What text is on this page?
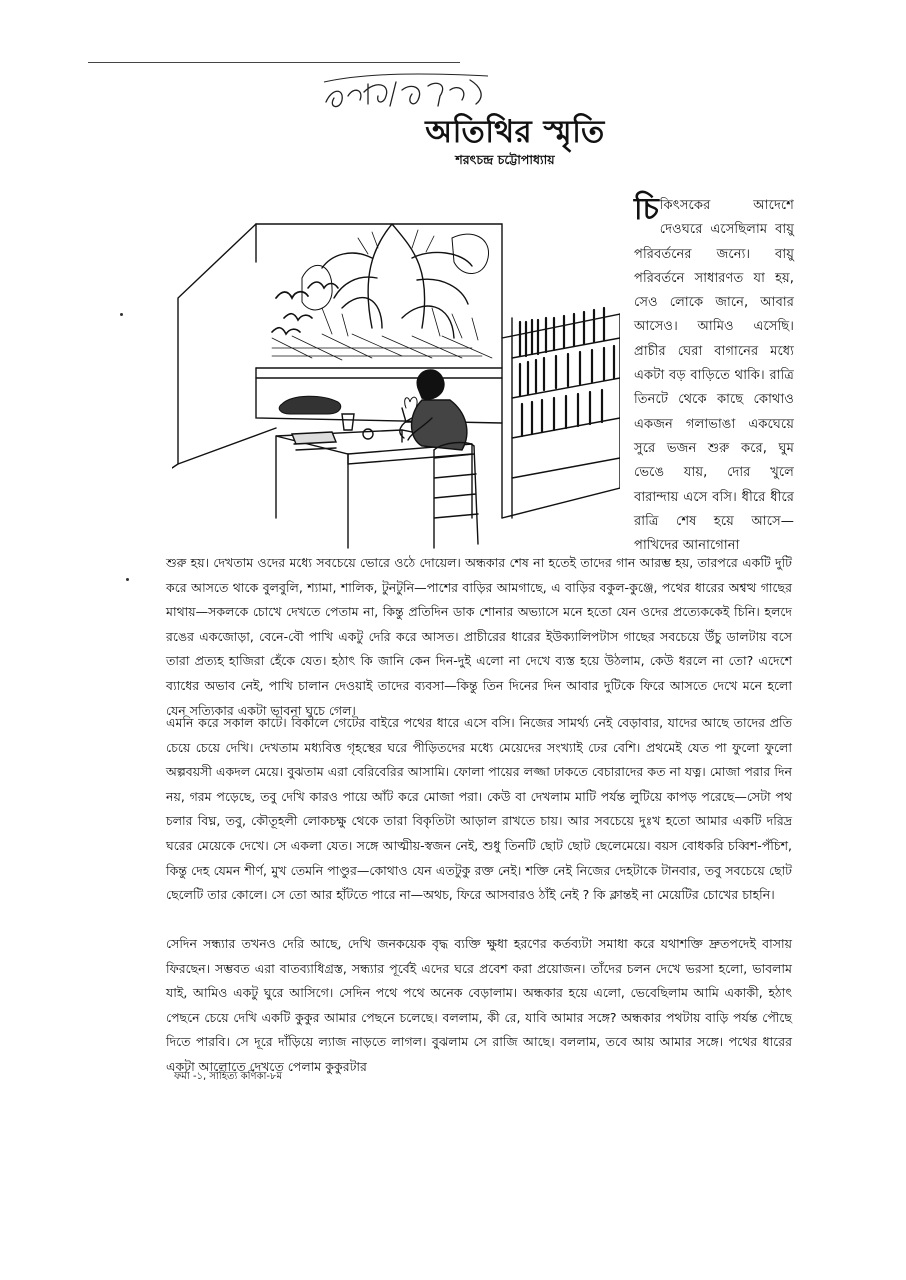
অতিথির স্মৃতি
শরৎচন্দ্র চট্টোপাধ্যায়

চিকিৎসকের আদেশে দেওঘরে এসেছিলাম বায়ু পরিবর্তনের জন্যে। বায়ু পরিবর্তনে সাধারণত যা হয়, সেও লোকে জানে, আবার আসেও। আমিও এসেছি। প্রাচীর ঘেরা বাগানের মধ্যে একটা বড় বাড়িতে থাকি। রাত্রি তিনটে থেকে কাছে কোথাও একজন গলাভাঙা একঘেয়ে সুরে ভজন শুরু করে, ঘুম ভেঙে যায়, দোর খুলে বারান্দায় এসে বসি। ধীরে ধীরে রাত্রি শেষ হয়ে আসে—পাখিদের আনাগোনা

শুরু হয়। দেখতাম ওদের মধ্যে সবচেয়ে ভোরে ওঠে দোয়েল। অন্ধকার শেষ না হতেই তাদের গান আরম্ভ হয়, তারপরে একটি দুটি করে আসতে থাকে বুলবুলি, শ্যামা, শালিক, টুনটুনি—পাশের বাড়ির আমগাছে, এ বাড়ির বকুল-কুঞ্জে, পথের ধারের অশ্বত্থ গাছের মাথায়—সকলকে চোখে দেখতে পেতাম না, কিন্তু প্রতিদিন ডাক শোনার অভ্যাসে মনে হতো যেন ওদের প্রত্যেককেই চিনি। হলদে রঙের একজোড়া, বেনে-বৌ পাখি একটু দেরি করে আসত। প্রাচীরের ধারের ইউক্যালিপটাস গাছের সবচেয়ে উঁচু ডালটায় বসে তারা প্রত্যহ হাজিরা হেঁকে যেত। হঠাৎ কি জানি কেন দিন-দুই এলো না দেখে ব্যস্ত হয়ে উঠলাম, কেউ ধরলে না তো? এদেশে ব্যাধের অভাব নেই, পাখি চালান দেওয়াই তাদের ব্যবসা—কিন্তু তিন দিনের দিন আবার দুটিকে ফিরে আসতে দেখে মনে হলো যেন সত্যিকার একটা ভাবনা ঘুচে গেল।

এমনি করে সকাল কাটে। বিকালে গেটের বাইরে পথের ধারে এসে বসি। নিজের সামর্থ্য নেই বেড়াবার, যাদের আছে তাদের প্রতি চেয়ে চেয়ে দেখি। দেখতাম মধ্যবিত্ত গৃহস্থের ঘরে পীড়িতদের মধ্যে মেয়েদের সংখ্যাই ঢের বেশি। প্রথমেই যেত পা ফুলো ফুলো অল্পবয়সী একদল মেয়ে। বুঝতাম এরা বেরিবেরির আসামি। ফোলা পায়ের লজ্জা ঢাকতে বেচারাদের কত না যত্ন। মোজা পরার দিন নয়, গরম পড়েছে, তবু দেখি কারও পায়ে আঁট করে মোজা পরা। কেউ বা দেখলাম মাটি পর্যন্ত লুটিয়ে কাপড় পরেছে—সেটা পথ চলার বিঘ্ন, তবু, কৌতূহলী লোকচক্ষু থেকে তারা বিকৃতিটা আড়াল রাখতে চায়। আর সবচেয়ে দুঃখ হতো আমার একটি দরিদ্র ঘরের মেয়েকে দেখে। সে একলা যেত। সঙ্গে আত্মীয়-স্বজন নেই, শুধু তিনটি ছোট ছোট ছেলেমেয়ে। বয়স বোধকরি চব্বিশ-পঁচিশ, কিন্তু দেহ যেমন শীর্ণ, মুখ তেমনি পাণ্ডুর—কোথাও যেন এতটুকু রক্ত নেই। শক্তি নেই নিজের দেহটাকে টানবার, তবু সবচেয়ে ছোট ছেলেটি তার কোলে। সে তো আর হাঁটতে পারে না—অথচ, ফিরে আসবারও ঠাঁই নেই ? কি ক্লান্তই না মেয়েটির চোখের চাহনি।

সেদিন সন্ধ্যার তখনও দেরি আছে, দেখি জনকয়েক বৃদ্ধ ব্যক্তি ক্ষুধা হরণের কর্তব্যটা সমাধা করে যথাশক্তি দ্রুতপদেই বাসায় ফিরছেন। সম্ভবত এরা বাতব্যাধিগ্রস্ত, সন্ধ্যার পূর্বেই এদের ঘরে প্রবেশ করা প্রয়োজন। তাঁদের চলন দেখে ভরসা হলো, ভাবলাম যাই, আমিও একটু ঘুরে আসিগে। সেদিন পথে পথে অনেক বেড়ালাম। অন্ধকার হয়ে এলো, ভেবেছিলাম আমি একাকী, হঠাৎ পেছনে চেয়ে দেখি একটি কুকুর আমার পেছনে চলেছে। বললাম, কী রে, যাবি আমার সঙ্গে? অন্ধকার পথটায় বাড়ি পর্যন্ত পৌছে দিতে পারবি। সে দূরে দাঁড়িয়ে ল্যাজ নাড়তে লাগল। বুঝলাম সে রাজি আছে। বললাম, তবে আয় আমার সঙ্গে। পথের ধারের একটা আলোতে দেখতে পেলাম কুকুরটার

ফর্মা -১, সাহিত্য কণিকা-৮ম
